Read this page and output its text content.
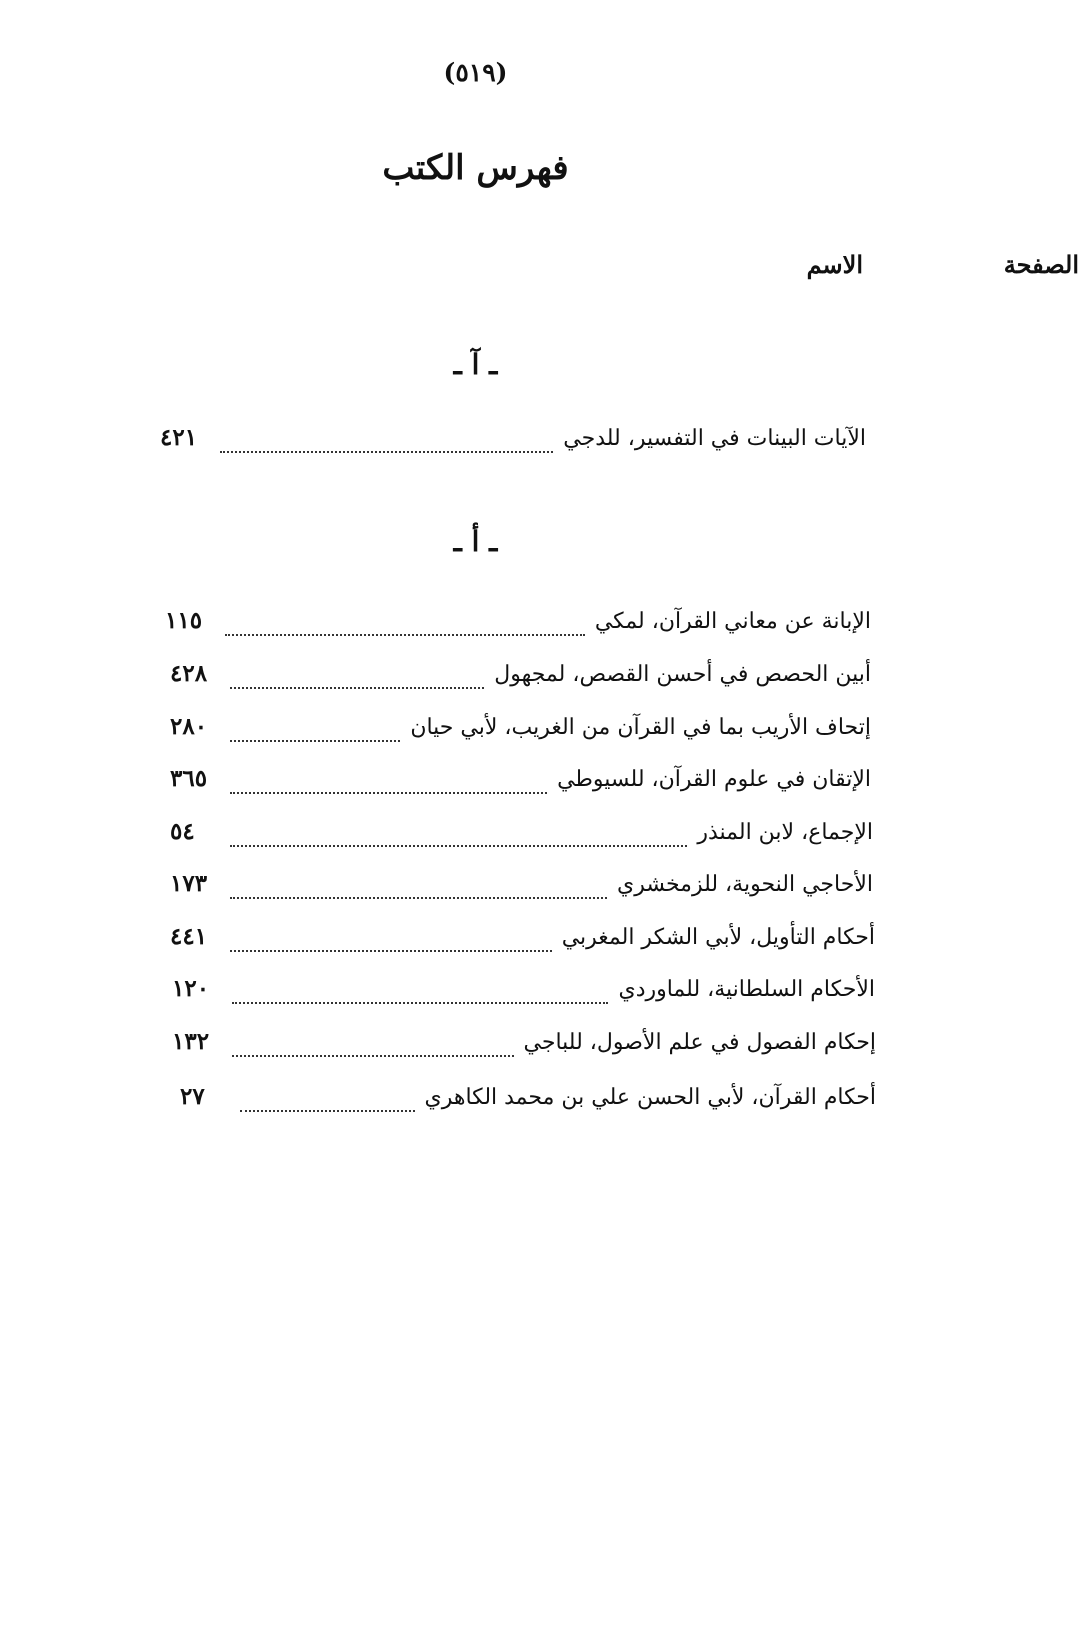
(٥١٩)
فهرس الكتب
الاسم	الصفحة
ـ آ ـ
الآيات البينات في التفسير، للدجي
٤٢١
ـ أ ـ
الإبانة عن معاني القرآن، لمكي
١١٥
أبين الحصص في أحسن القصص، لمجهول
٤٢٨
إتحاف الأريب بما في القرآن من الغريب، لأبي حيان
٢٨٠
الإتقان في علوم القرآن، للسيوطي
٣٦٥
الإجماع، لابن المنذر
٥٤
الأحاجي النحوية، للزمخشري
١٧٣
أحكام التأويل، لأبي الشكر المغربي
٤٤١
الأحكام السلطانية، للماوردي
١٢٠
إحكام الفصول في علم الأصول، للباجي
١٣٢
أحكام القرآن، لأبي الحسن علي بن محمد الكاهري
٢٧
